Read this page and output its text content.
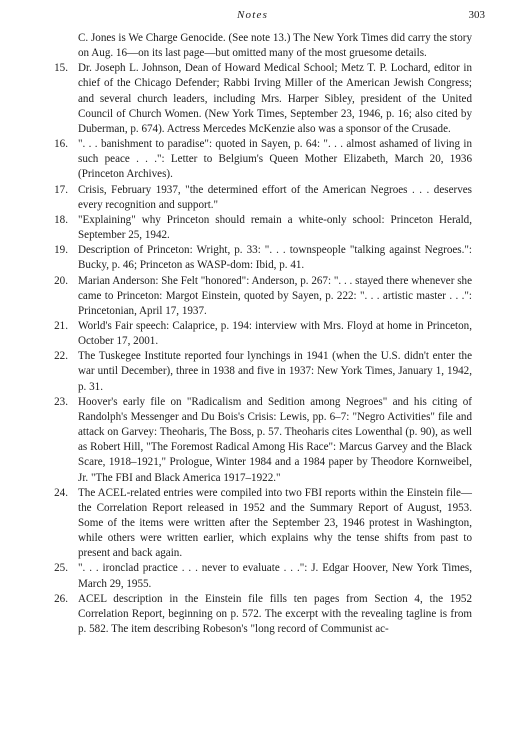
Notes	303
C. Jones is We Charge Genocide. (See note 13.) The New York Times did carry the story on Aug. 16—on its last page—but omitted many of the most gruesome details.
15. Dr. Joseph L. Johnson, Dean of Howard Medical School; Metz T. P. Lochard, editor in chief of the Chicago Defender; Rabbi Irving Miller of the American Jewish Congress; and several church leaders, including Mrs. Harper Sibley, president of the United Council of Church Women. (New York Times, September 23, 1946, p. 16; also cited by Duberman, p. 674). Actress Mercedes McKenzie also was a sponsor of the Crusade.
16. ". . . banishment to paradise": quoted in Sayen, p. 64: ". . . almost ashamed of living in such peace . . .": Letter to Belgium's Queen Mother Elizabeth, March 20, 1936 (Princeton Archives).
17. Crisis, February 1937, "the determined effort of the American Negroes . . . deserves every recognition and support."
18. "Explaining" why Princeton should remain a white-only school: Princeton Herald, September 25, 1942.
19. Description of Princeton: Wright, p. 33: ". . . townspeople "talking against Negroes.": Bucky, p. 46; Princeton as WASP-dom: Ibid, p. 41.
20. Marian Anderson: She Felt "honored": Anderson, p. 267: ". . . stayed there whenever she came to Princeton: Margot Einstein, quoted by Sayen, p. 222: ". . . artistic master . . .": Princetonian, April 17, 1937.
21. World's Fair speech: Calaprice, p. 194: interview with Mrs. Floyd at home in Princeton, October 17, 2001.
22. The Tuskegee Institute reported four lynchings in 1941 (when the U.S. didn't enter the war until December), three in 1938 and five in 1937: New York Times, January 1, 1942, p. 31.
23. Hoover's early file on "Radicalism and Sedition among Negroes" and his citing of Randolph's Messenger and Du Bois's Crisis: Lewis, pp. 6–7: "Negro Activities" file and attack on Garvey: Theoharis, The Boss, p. 57. Theoharis cites Lowenthal (p. 90), as well as Robert Hill, "The Foremost Radical Among His Race": Marcus Garvey and the Black Scare, 1918–1921," Prologue, Winter 1984 and a 1984 paper by Theodore Kornweibel, Jr. "The FBI and Black America 1917–1922."
24. The ACEL-related entries were compiled into two FBI reports within the Einstein file—the Correlation Report released in 1952 and the Summary Report of August, 1953. Some of the items were written after the September 23, 1946 protest in Washington, while others were written earlier, which explains why the tense shifts from past to present and back again.
25. ". . . ironclad practice . . . never to evaluate . . .": J. Edgar Hoover, New York Times, March 29, 1955.
26. ACEL description in the Einstein file fills ten pages from Section 4, the 1952 Correlation Report, beginning on p. 572. The excerpt with the revealing tagline is from p. 582. The item describing Robeson's "long record of Communist ac-
